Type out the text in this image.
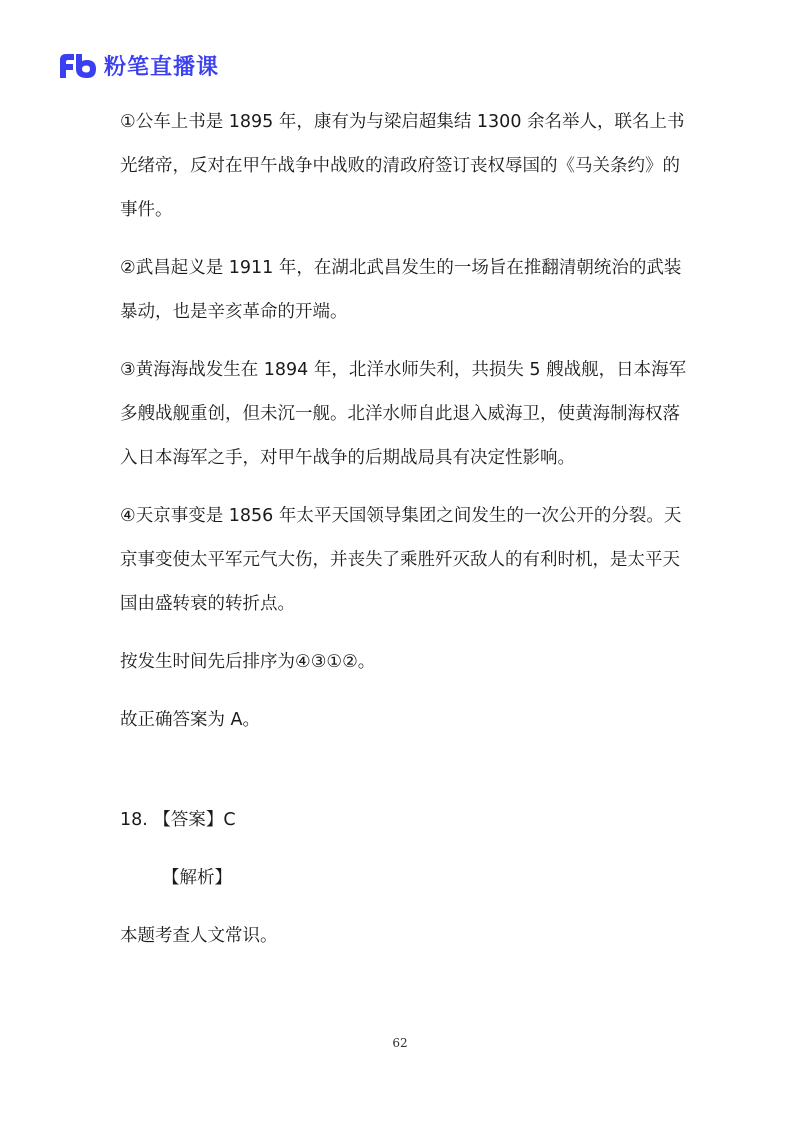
粉笔直播课

①公车上书是 1895 年，康有为与梁启超集结 1300 余名举人，联名上书光绪帝，反对在甲午战争中战败的清政府签订丧权辱国的《马关条约》的事件。

②武昌起义是 1911 年，在湖北武昌发生的一场旨在推翻清朝统治的武装暴动，也是辛亥革命的开端。

③黄海海战发生在 1894 年，北洋水师失利，共损失 5 艘战舰，日本海军多艘战舰重创，但未沉一舰。北洋水师自此退入威海卫，使黄海制海权落入日本海军之手，对甲午战争的后期战局具有决定性影响。

④天京事变是 1856 年太平天国领导集团之间发生的一次公开的分裂。天京事变使太平军元气大伤，并丧失了乘胜歼灭敌人的有利时机，是太平天国由盛转衰的转折点。

按发生时间先后排序为④③①②。

故正确答案为 A。

18. 【答案】C

【解析】

本题考查人文常识。

62
